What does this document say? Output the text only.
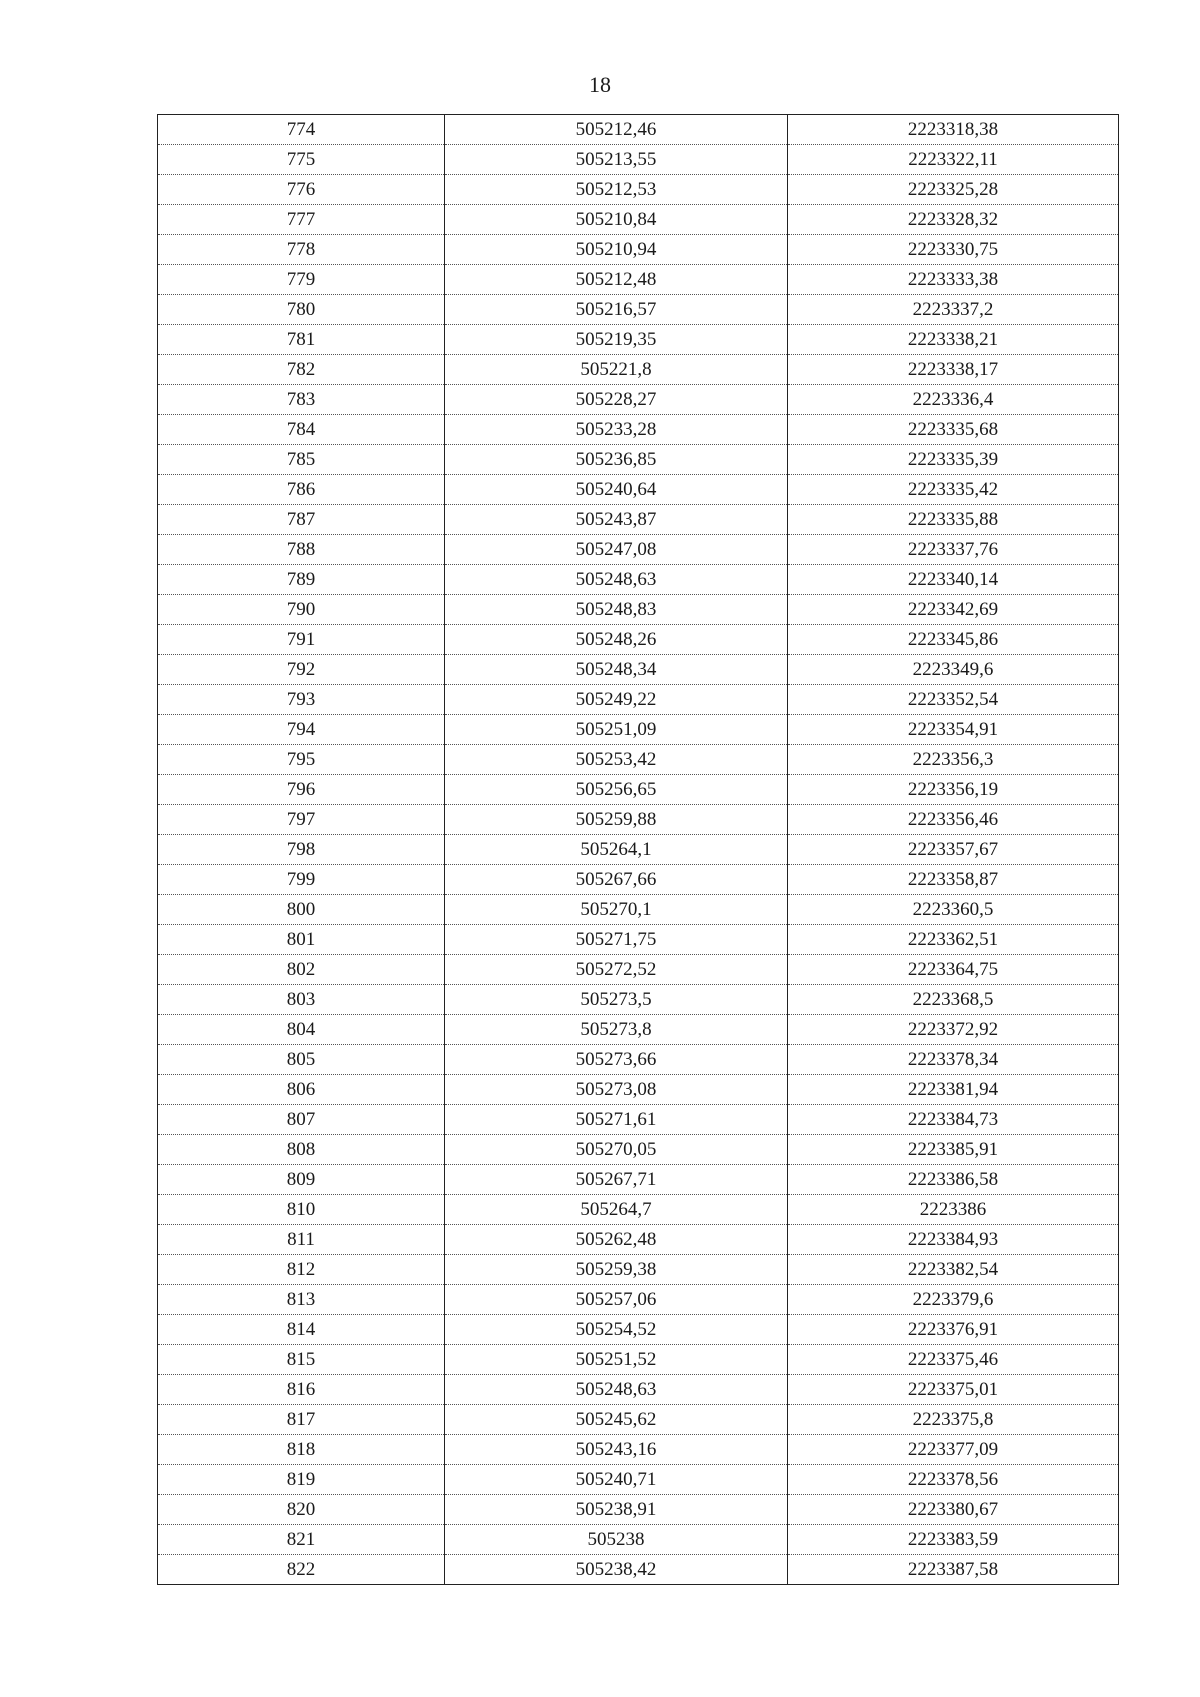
18
774	505212,46	2223318,38
775	505213,55	2223322,11
776	505212,53	2223325,28
777	505210,84	2223328,32
778	505210,94	2223330,75
779	505212,48	2223333,38
780	505216,57	2223337,2
781	505219,35	2223338,21
782	505221,8	2223338,17
783	505228,27	2223336,4
784	505233,28	2223335,68
785	505236,85	2223335,39
786	505240,64	2223335,42
787	505243,87	2223335,88
788	505247,08	2223337,76
789	505248,63	2223340,14
790	505248,83	2223342,69
791	505248,26	2223345,86
792	505248,34	2223349,6
793	505249,22	2223352,54
794	505251,09	2223354,91
795	505253,42	2223356,3
796	505256,65	2223356,19
797	505259,88	2223356,46
798	505264,1	2223357,67
799	505267,66	2223358,87
800	505270,1	2223360,5
801	505271,75	2223362,51
802	505272,52	2223364,75
803	505273,5	2223368,5
804	505273,8	2223372,92
805	505273,66	2223378,34
806	505273,08	2223381,94
807	505271,61	2223384,73
808	505270,05	2223385,91
809	505267,71	2223386,58
810	505264,7	2223386
811	505262,48	2223384,93
812	505259,38	2223382,54
813	505257,06	2223379,6
814	505254,52	2223376,91
815	505251,52	2223375,46
816	505248,63	2223375,01
817	505245,62	2223375,8
818	505243,16	2223377,09
819	505240,71	2223378,56
820	505238,91	2223380,67
821	505238	2223383,59
822	505238,42	2223387,58
